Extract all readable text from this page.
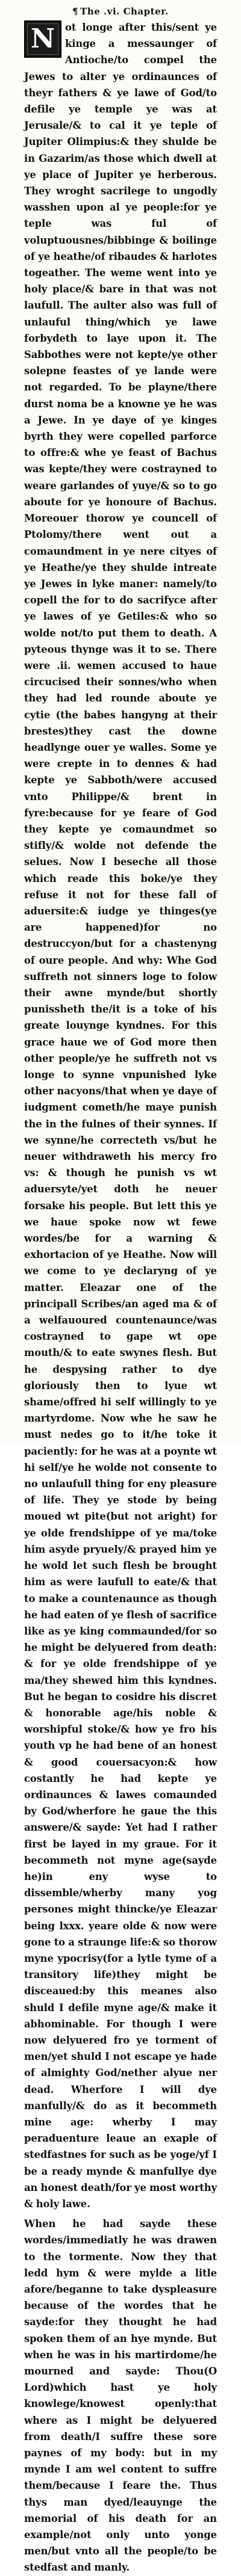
¶ The .vi. Chapter.
N	ot longe after this/sent ye kinge a messaunger of Antioche/to compel the Jewes to alter ye ordinaunces of theyr fathers & ye lawe of God/to defile ye temple ye was at Jerusale/& to cal it ye teple of Jupiter Olimpius:& they shulde be in Gazarim/as those which dwell at ye place of Jupiter ye herberous. They wroght sacrilege to ungodly wasshen upon al ye people:for ye teple was ful of voluptuousnes/bibbinge & boilinge of ye heathe/of ribaudes & harlotes togeather. The weme went into ye holy place/& bare in that was not laufull. The aulter also was full of unlauful thing/which ye lawe forbydeth to laye upon it. The Sabbothes were not kepte/ye other solepne feastes of ye lande were not regarded. To be playne/there durst noma be a knowne ye he was a Jewe. In ye daye of ye kinges byrth they were copelled parforce to offre:& whe ye feast of Bachus was kepte/they were costrayned to weare garlandes of yuye/& so to go aboute for ye honoure of Bachus. Moreouer thorow ye councell of Ptolomy/there went out a comaundment in ye nere cityes of ye Heathe/ye they shulde intreate ye Jewes in lyke maner: namely/to copell the for to do sacrifyce after ye lawes of ye Getiles:& who so wolde not/to put them to death. A pyteous thynge was it to se. There were .ii. wemen accused to haue circucised their sonnes/who when they had led rounde aboute ye cytie (the babes hangyng at their brestes)they cast the downe headlynge ouer ye walles. Some ye were crepte in to dennes & had kepte ye Sabboth/were accused vnto Philippe/& brent in fyre:because for ye feare of God they kepte ye comaundmet so stifly/& wolde not defende the selues. Now I beseche all those which reade this boke/ye they refuse it not for these fall of aduersite:& iudge ye thinges(ye are happened)for no destruccyon/but for a chastenyng of oure people. And why: Whe God suffreth not sinners loge to folow their awne mynde/but shortly punissheth the/it is a toke of his greate louynge kyndnes. For this grace haue we of God more then other people/ye he suffreth not vs longe to synne vnpunished lyke other nacyons/that when ye daye of iudgment cometh/he maye punish the in the fulnes of their synnes. If we synne/he correcteth vs/but he neuer withdraweth his mercy fro vs: & though he punish vs wt aduersyte/yet doth he neuer forsake his people. But lett this ye we haue spoke now wt fewe wordes/be for a warning & exhortacion of ye Heathe. Now will we come to ye declaryng of ye matter. Eleazar one of the principall Scribes/an aged ma & of a welfauoured countenaunce/was costrayned to gape wt ope mouth/& to eate swynes flesh. But he despysing rather to dye gloriously then to lyue wt shame/offred hi self willingly to ye martyrdome. Now whe he saw he must nedes go to it/he toke it paciently: for he was at a poynte wt hi self/ye he wolde not consente to no unlaufull thing for eny pleasure of life. They ye stode by being moued wt pite(but not aright) for ye olde frendshippe of ye ma/toke him asyde pryuely/& prayed him ye he wold let such flesh be brought him as were laufull to eate/& that to make a countenaunce as though he had eaten of ye flesh of sacrifice like as ye king commaunded/for so he might be delyuered from death: & for ye olde frendshippe of ye ma/they shewed him this kyndnes. But he began to cosidre his discret & honorable age/his noble & worshipful stoke/& how ye fro his youth vp he had bene of an honest & good couersacyon:& how costantly he had kepte ye ordinaunces & lawes comaunded by God/wherfore he gaue the this answere/& sayde: Yet had I rather first be layed in my graue. For it becommeth not myne age(sayde he)in eny wyse to dissemble/wherby many yog persones might thincke/ye Eleazar being lxxx. yeare olde & now were gone to a straunge life:& so thorow myne ypocrisy(for a lytle tyme of a transitory life)they might be disceaued:by this meanes also shuld I defile myne age/& make it abhominable. For though I were now delyuered fro ye torment of men/yet shuld I not escape ye hade of almighty God/nether alyue ner dead. Wherfore I will dye manfully/& do as it becommeth mine age: wherby I may peraduenture leaue an exaple of stedfastnes for such as be yoge/yf I be a ready mynde & manfullye dye an honest death/for ye most worthy & holy lawe.

When he had sayde these wordes/immediatly he was drawen to the tormente. Now they that ledd hym & were mylde a litle afore/beganne to take dyspleasure because of the wordes that he sayde:for they thought he had spoken them of an hye mynde. But when he was in his martirdome/he mourned and sayde: Thou(O Lord)which hast ye holy knowlege/knowest openly:that where as I might be delyuered from death/I suffre these sore paynes of my body: but in my mynde I am wel content to suffre them/because I feare the. Thus thys man dyed/leauynge the memorial of his death for an example/not only unto yonge men/but vnto all the people/to be stedfast and manly.
